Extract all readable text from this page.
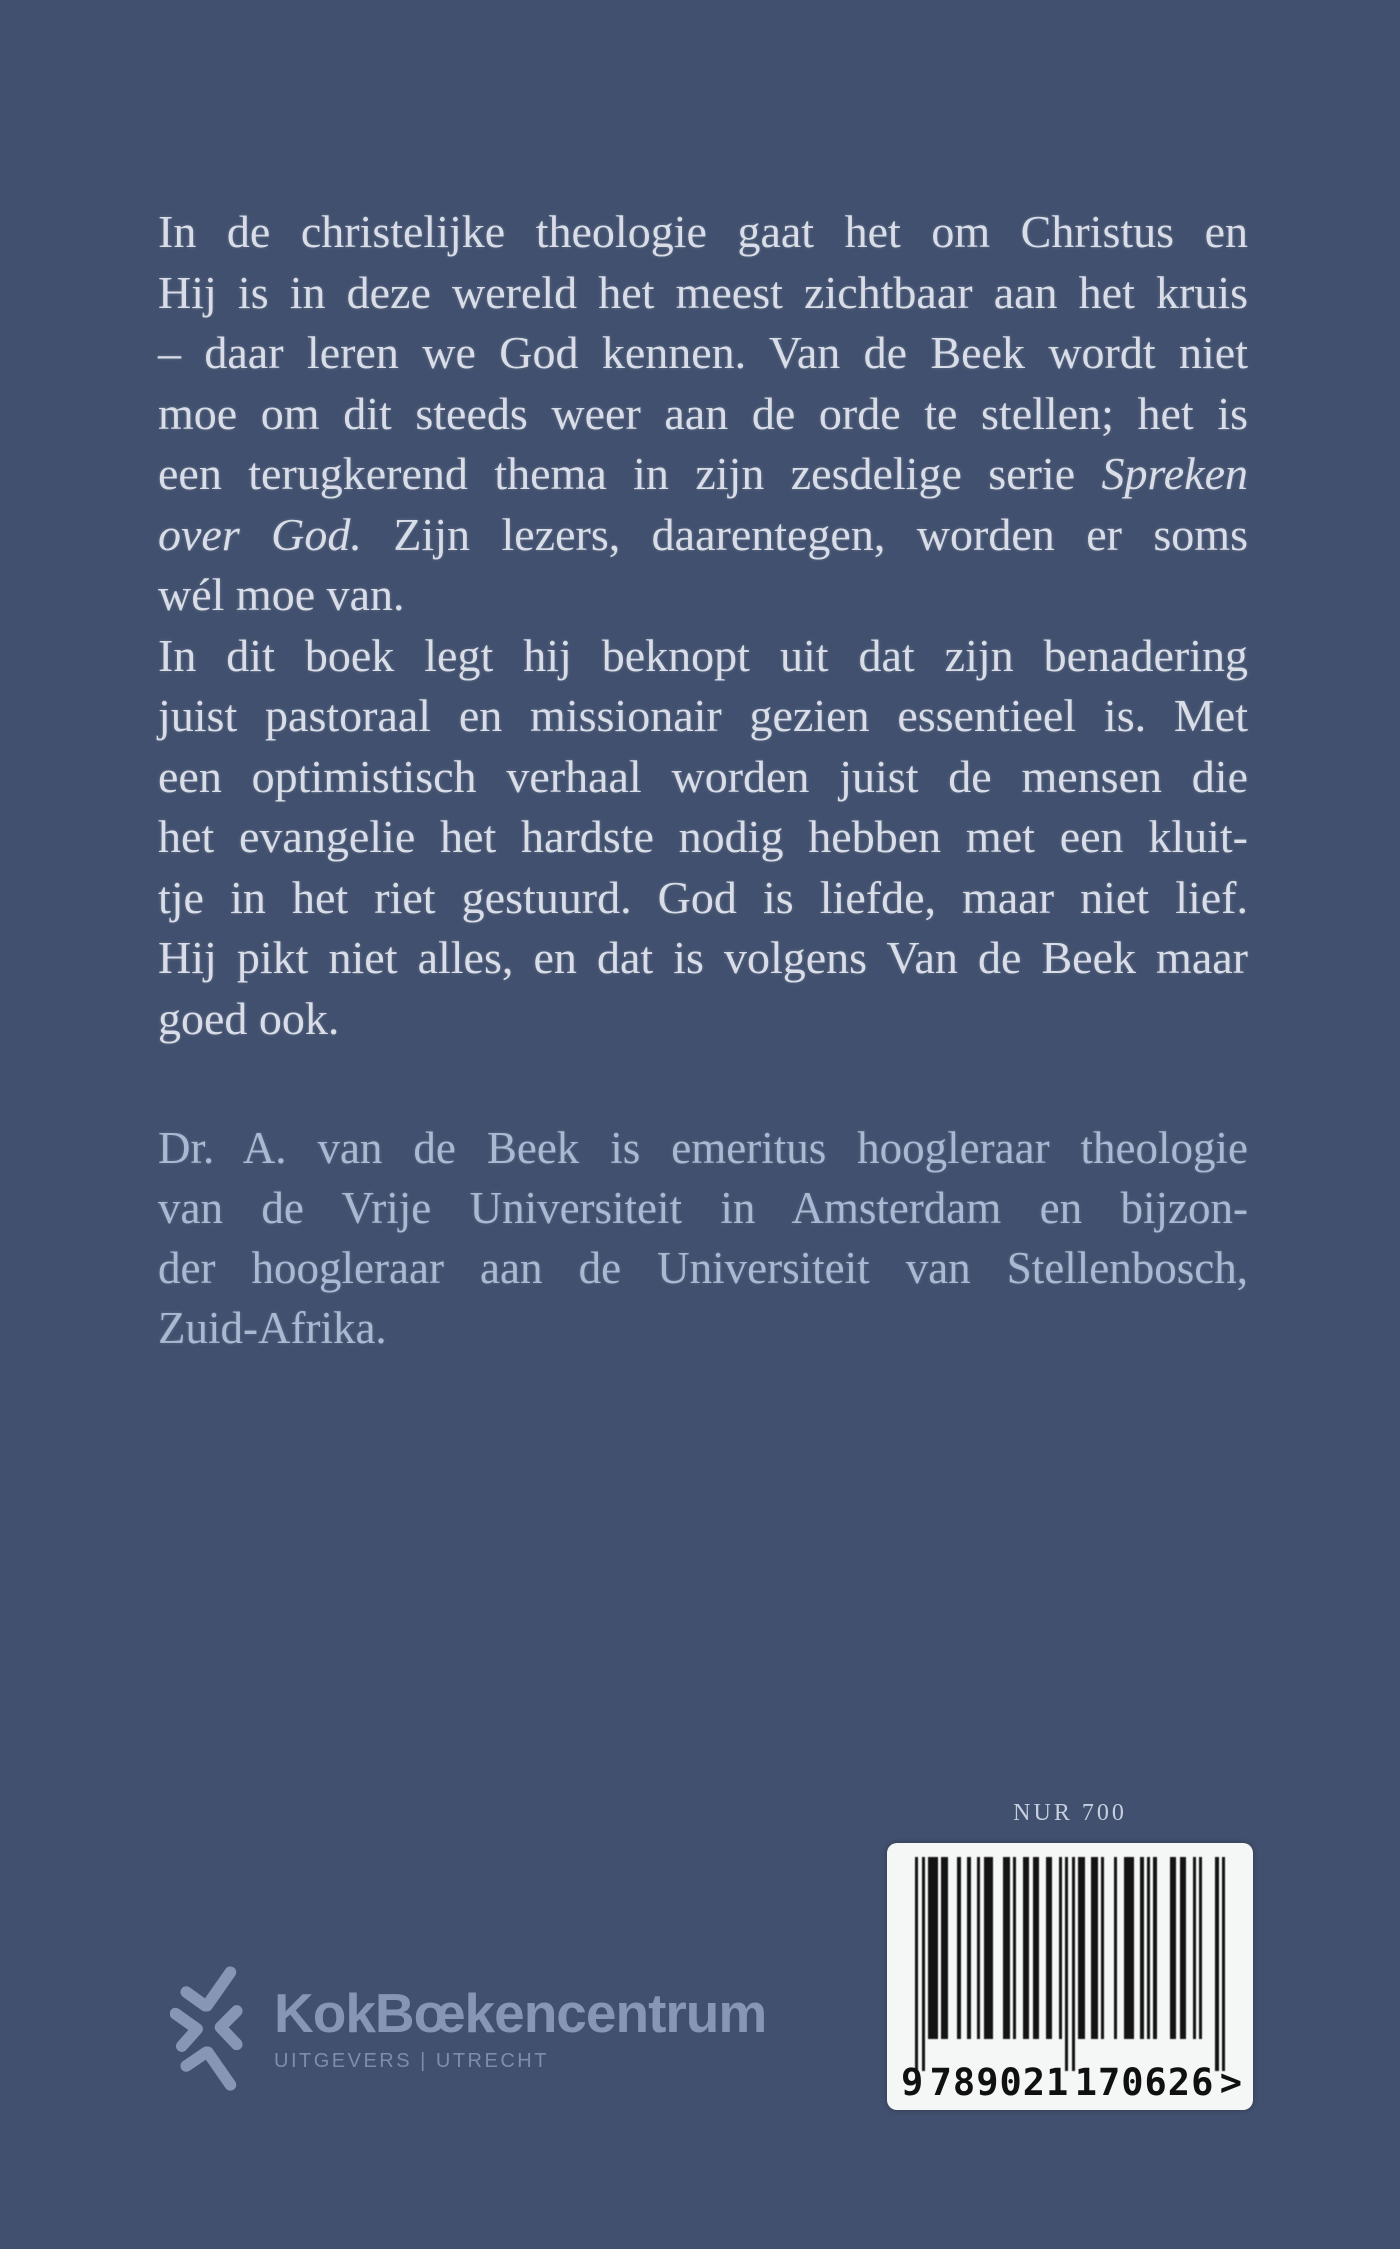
In de christelijke theologie gaat het om Christus en
Hij is in deze wereld het meest zichtbaar aan het kruis
– daar leren we God kennen. Van de Beek wordt niet
moe om dit steeds weer aan de orde te stellen; het is
een terugkerend thema in zijn zesdelige serie Spreken
over God. Zijn lezers, daarentegen, worden er soms
wél moe van.
In dit boek legt hij beknopt uit dat zijn benadering
juist pastoraal en missionair gezien essentieel is. Met
een optimistisch verhaal worden juist de mensen die
het evangelie het hardste nodig hebben met een kluit-
tje in het riet gestuurd. God is liefde, maar niet lief.
Hij pikt niet alles, en dat is volgens Van de Beek maar
goed ook.
Dr. A. van de Beek is emeritus hoogleraar theologie
van de Vrije Universiteit in Amsterdam en bijzon-
der hoogleraar aan de Universiteit van Stellenbosch,
Zuid-Afrika.
KokBœkencentrum
UITGEVERS | UTRECHT
NUR 700
9 789021 170626 >
